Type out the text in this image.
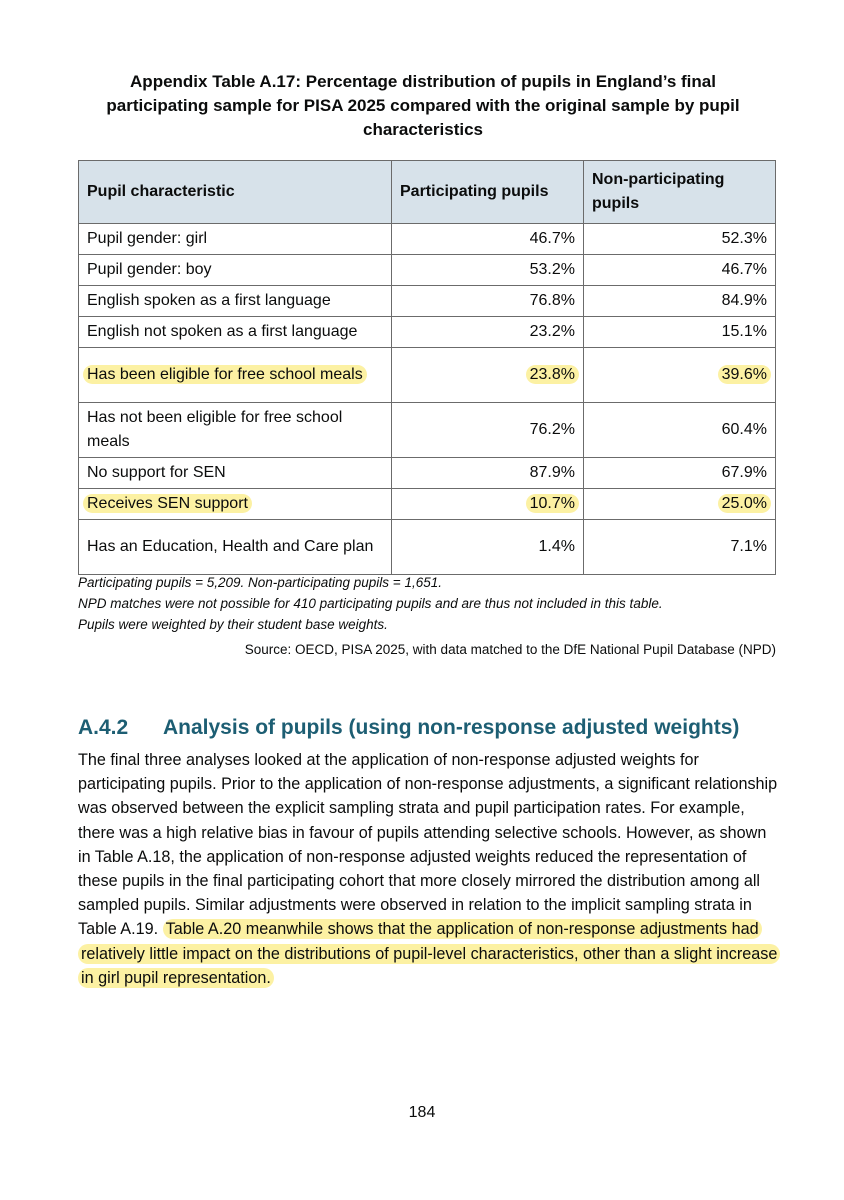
Appendix Table A.17: Percentage distribution of pupils in England’s final participating sample for PISA 2025 compared with the original sample by pupil characteristics
Pupil characteristic	Participating pupils	Non-participating pupils
Pupil gender: girl	46.7%	52.3%
Pupil gender: boy	53.2%	46.7%
English spoken as a first language	76.8%	84.9%
English not spoken as a first language	23.2%	15.1%
Has been eligible for free school meals	23.8%	39.6%
Has not been eligible for free school meals	76.2%	60.4%
No support for SEN	87.9%	67.9%
Receives SEN support	10.7%	25.0%
Has an Education, Health and Care plan	1.4%	7.1%
Participating pupils = 5,209. Non-participating pupils = 1,651.
NPD matches were not possible for 410 participating pupils and are thus not included in this table.
Pupils were weighted by their student base weights.
Source: OECD, PISA 2025, with data matched to the DfE National Pupil Database (NPD)
A.4.2 Analysis of pupils (using non-response adjusted weights)
The final three analyses looked at the application of non-response adjusted weights for participating pupils. Prior to the application of non-response adjustments, a significant relationship was observed between the explicit sampling strata and pupil participation rates. For example, there was a high relative bias in favour of pupils attending selective schools. However, as shown in Table A.18, the application of non-response adjusted weights reduced the representation of these pupils in the final participating cohort that more closely mirrored the distribution among all sampled pupils. Similar adjustments were observed in relation to the implicit sampling strata in Table A.19. Table A.20 meanwhile shows that the application of non-response adjustments had relatively little impact on the distributions of pupil-level characteristics, other than a slight increase in girl pupil representation.
184
